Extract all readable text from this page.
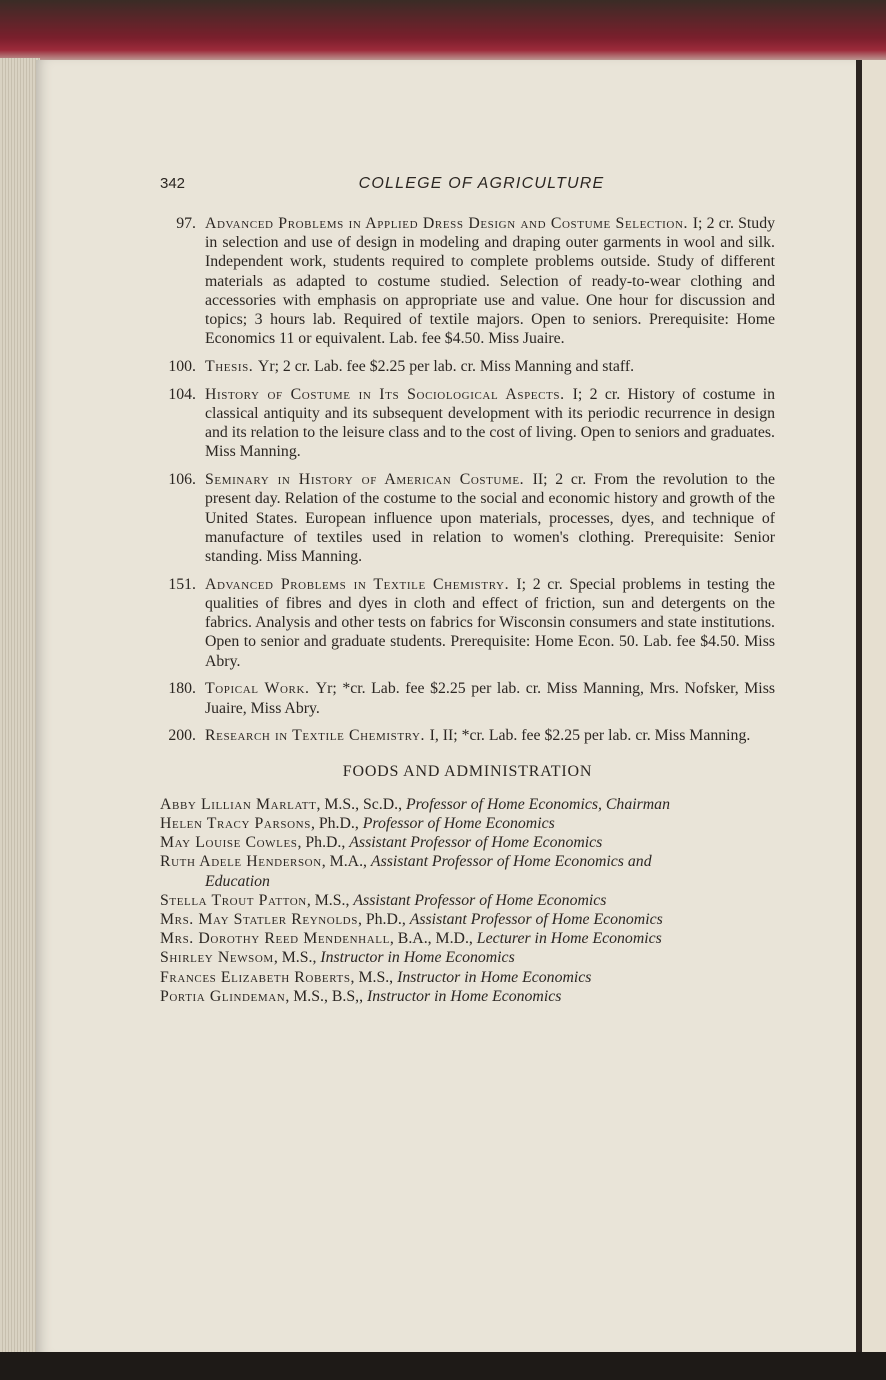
342	COLLEGE OF AGRICULTURE
97. Advanced Problems in Applied Dress Design and Costume Selection. I; 2 cr. Study in selection and use of design in modeling and draping outer garments in wool and silk. Independent work, students required to complete problems outside. Study of different materials as adapted to costume studied. Selection of ready-to-wear clothing and accessories with emphasis on appropriate use and value. One hour for discussion and topics; 3 hours lab. Required of textile majors. Open to seniors. Prerequisite: Home Economics 11 or equivalent. Lab. fee $4.50. Miss Juaire.
100. Thesis. Yr; 2 cr. Lab. fee $2.25 per lab. cr. Miss Manning and staff.
104. History of Costume in Its Sociological Aspects. I; 2 cr. History of costume in classical antiquity and its subsequent development with its periodic recurrence in design and its relation to the leisure class and to the cost of living. Open to seniors and graduates. Miss Manning.
106. Seminary in History of American Costume. II; 2 cr. From the revolution to the present day. Relation of the costume to the social and economic history and growth of the United States. European influence upon materials, processes, dyes, and technique of manufacture of textiles used in relation to women's clothing. Prerequisite: Senior standing. Miss Manning.
151. Advanced Problems in Textile Chemistry. I; 2 cr. Special problems in testing the qualities of fibres and dyes in cloth and effect of friction, sun and detergents on the fabrics. Analysis and other tests on fabrics for Wisconsin consumers and state institutions. Open to senior and graduate students. Prerequisite: Home Econ. 50. Lab. fee $4.50. Miss Abry.
180. Topical Work. Yr; *cr. Lab. fee $2.25 per lab. cr. Miss Manning, Mrs. Nofsker, Miss Juaire, Miss Abry.
200. Research in Textile Chemistry. I, II; *cr. Lab. fee $2.25 per lab. cr. Miss Manning.
FOODS AND ADMINISTRATION

Abby Lillian Marlatt, M.S., Sc.D., Professor of Home Economics, Chairman

Helen Tracy Parsons, Ph.D., Professor of Home Economics

May Louise Cowles, Ph.D., Assistant Professor of Home Economics

Ruth Adele Henderson, M.A., Assistant Professor of Home Economics and

Education

Stella Trout Patton, M.S., Assistant Professor of Home Economics

Mrs. May Statler Reynolds, Ph.D., Assistant Professor of Home Economics

Mrs. Dorothy Reed Mendenhall, B.A., M.D., Lecturer in Home Economics

Shirley Newsom, M.S., Instructor in Home Economics

Frances Elizabeth Roberts, M.S., Instructor in Home Economics

Portia Glindeman, M.S., B.S,, Instructor in Home Economics
